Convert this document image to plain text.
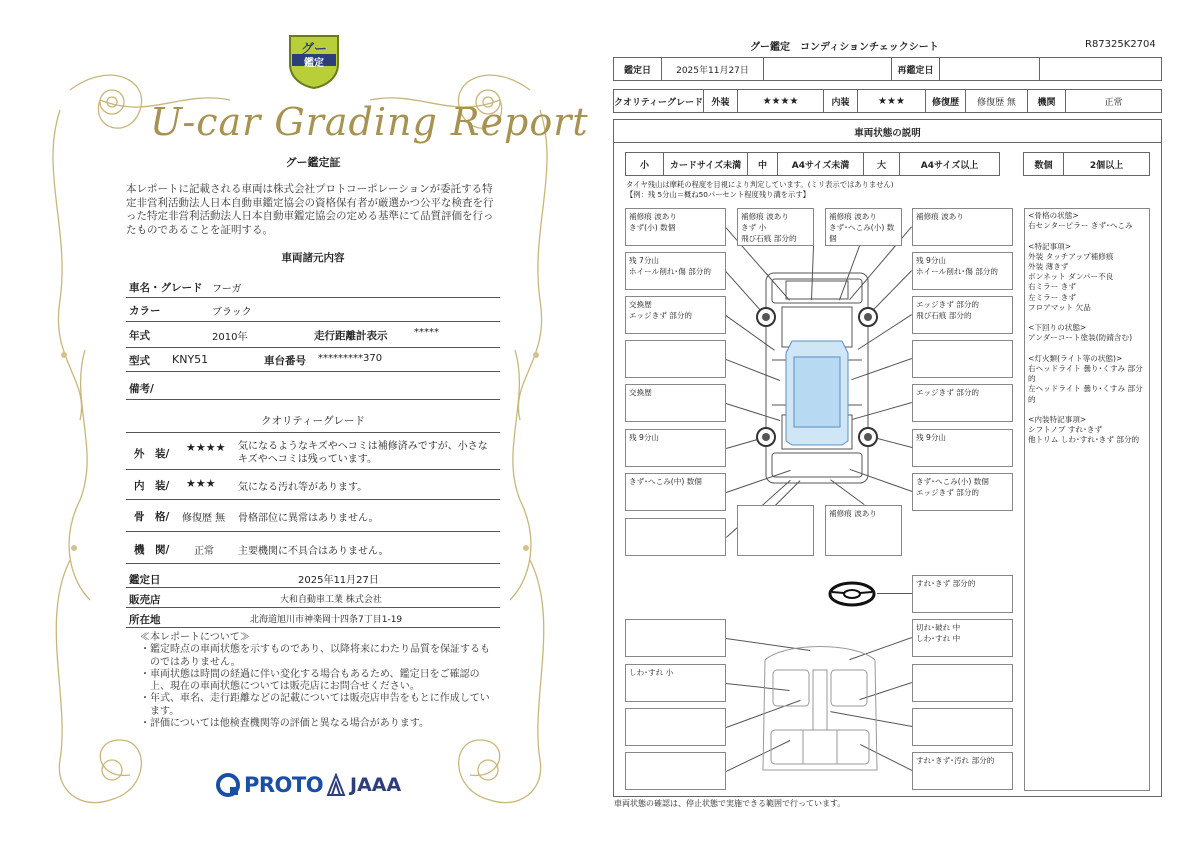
グー
鑑定
U-car Grading Report
グー鑑定証
本レポートに記載される車両は株式会社プロトコーポレーションが委託する特定非営利活動法人日本自動車鑑定協会の資格保有者が厳選かつ公平な検査を行った特定非営利活動法人日本自動車鑑定協会の定める基準にて品質評価を行ったものであることを証明する。
車両諸元内容
車名・グレード フーガ
カラー	ブラック
年式	2010年	走行距離計表示	*****
型式 KNY51	車台番号 *********370
備考/
クオリティーグレード
外　装/ ★★★★ 気になるようなキズやヘコミは補修済みですが、小さなキズやヘコミは残っています。
内　装/ ★★★ 気になる汚れ等があります。
骨　格/ 修復歴 無 骨格部位に異常はありません。
機　関/ 正常 主要機関に不具合はありません。
鑑定日	2025年11月27日
販売店	大和自動車工業 株式会社
所在地	北海道旭川市神楽岡十四条7丁目1-19
≪本レポートについて≫
・鑑定時点の車両状態を示すものであり、以降将来にわたり品質を保証するものではありません。
・車両状態は時間の経過に伴い変化する場合もあるため、鑑定日をご確認の上、現在の車両状態については販売店にお問合せください。
・年式、車名、走行距離などの記載については販売店申告をもとに作成しています。
・評価については他検査機関等の評価と異なる場合があります。
PROTO JAAA
グー鑑定　コンディションチェックシート	R87325K2704
鑑定日	2025年11月27日	再鑑定日
クオリティーグレード 外装	★★★★	内装	★★★	修復歴	修復歴 無	機関	正常
車両状態の説明
小	カードサイズ未満	中	A4サイズ未満	大	A4サイズ以上	数個	2個以上
タイヤ残山は摩耗の程度を目視により判定しています。(ミリ表示ではありません)
【例：残 5分山＝概ね50パーセント程度残り溝を示す】
補修痕 波あり
きず(小) 数個
補修痕 波あり
きず 小
飛び石痕 部分的
補修痕 波あり
きず･へこみ(小) 数個
補修痕 波あり
残 7分山
ホイール削れ･傷 部分的
残 9分山
ホイール削れ･傷 部分的
交換歴
エッジきず 部分的
エッジきず 部分的
飛び石痕 部分的
交換歴	エッジきず 部分的
残 9分山	残 9分山
きず･へこみ(中) 数個	きず･へこみ(小) 数個
エッジきず 部分的
補修痕 波あり
すれ･きず 部分的
切れ･破れ 中
しわ･すれ 中
しわ･すれ 小
すれ･きず･汚れ 部分的
<骨格の状態>
右センターピラー きず･へこみ

<特記事項>
外装 タッチアップ補修痕
外装 薄きず
ボンネット ダンパー不良
右ミラー きず
左ミラー きず
フロアマット 欠品

<下回りの状態>
アンダーコート塗装(防錆含む)

<灯火類(ライト等の状態)>
右ヘッドライト 曇り･くすみ 部分的
左ヘッドライト 曇り･くすみ 部分的

<内装特記事項>
シフトノブ すれ･きず
他トリム しわ･すれ･きず 部分的
車両状態の確認は、停止状態で実施できる範囲で行っています。
